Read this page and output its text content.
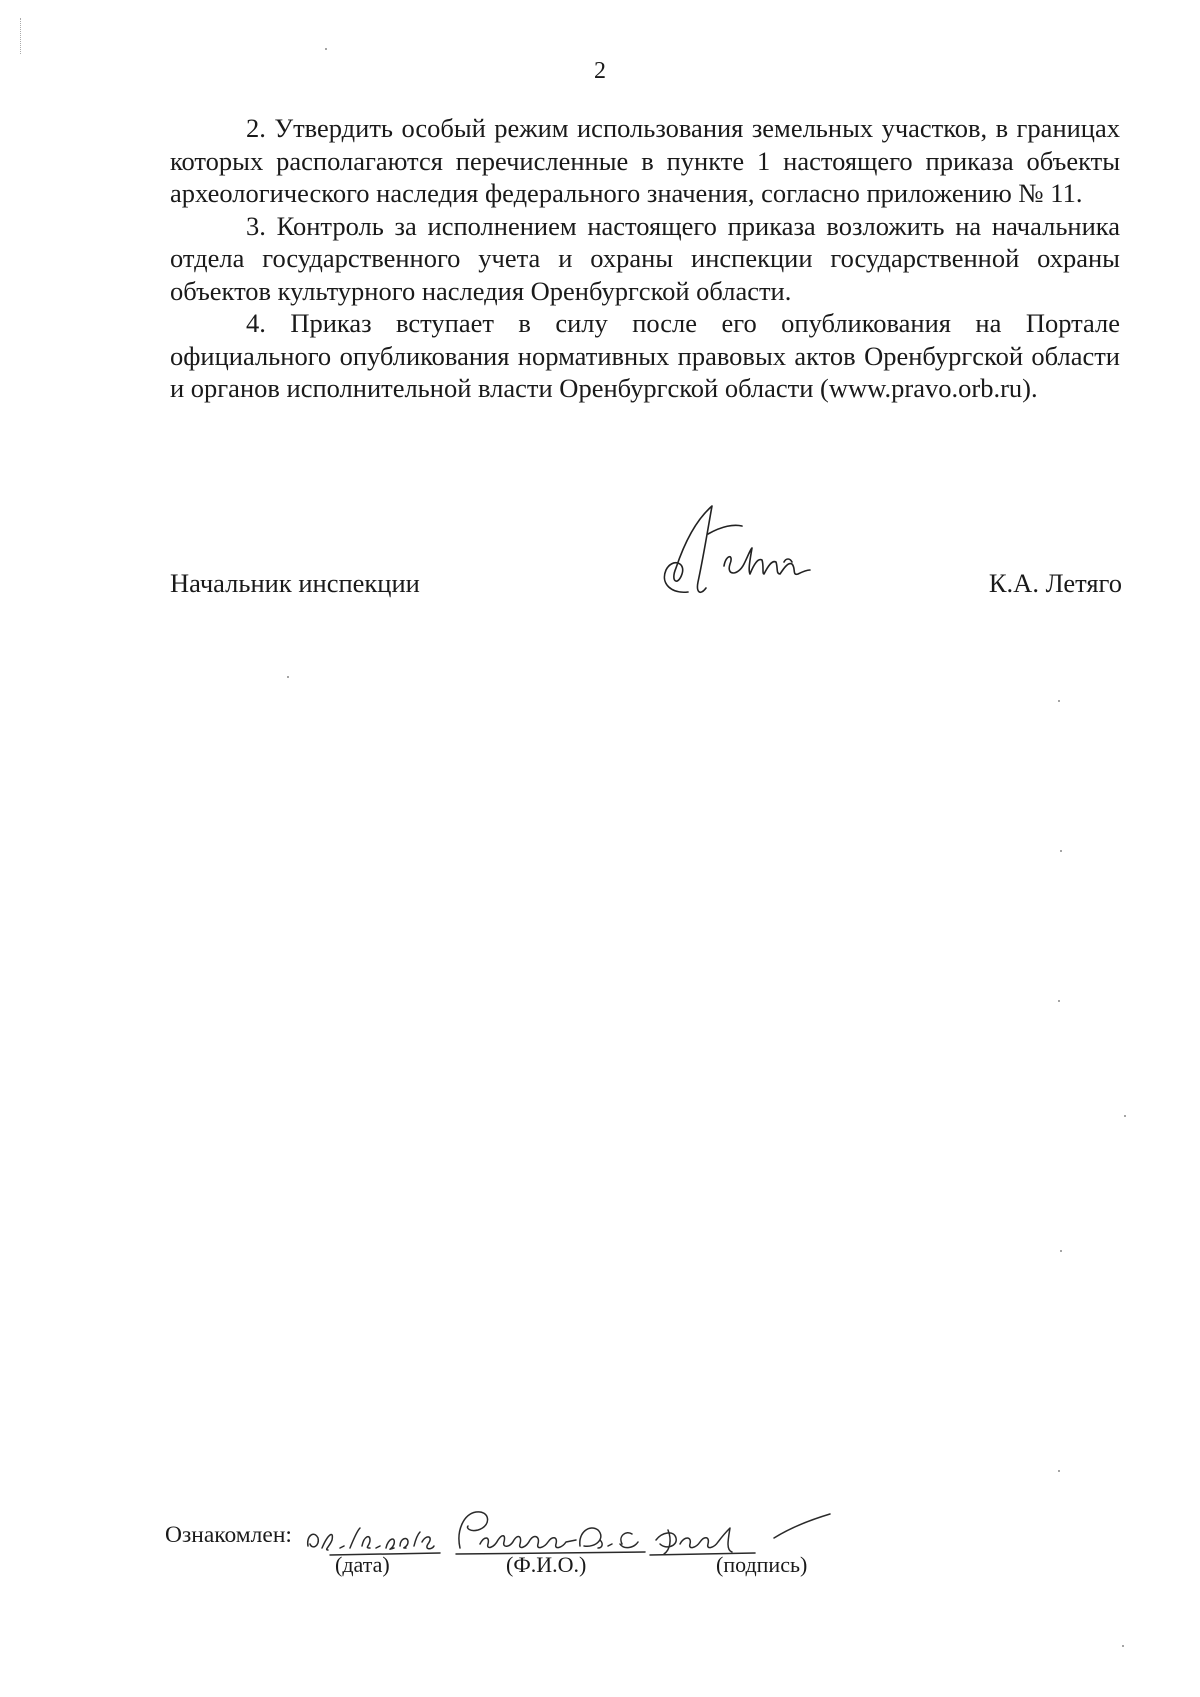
2

2. Утвердить особый режим использования земельных участков, в границах которых располагаются перечисленные в пункте 1 настоящего приказа объекты археологического наследия федерального значения, согласно приложению № 11.

3. Контроль за исполнением настоящего приказа возложить на начальника отдела государственного учета и охраны инспекции государственной охраны объектов культурного наследия Оренбургской области.

4. Приказ вступает в силу после его опубликования на Портале официального опубликования нормативных правовых актов Оренбургской области и органов исполнительной власти Оренбургской области (www.pravo.orb.ru).

Начальник инспекции	К.А. Летяго
Ознакомлен:
(дата)	(Ф.И.О.)	(подпись)
